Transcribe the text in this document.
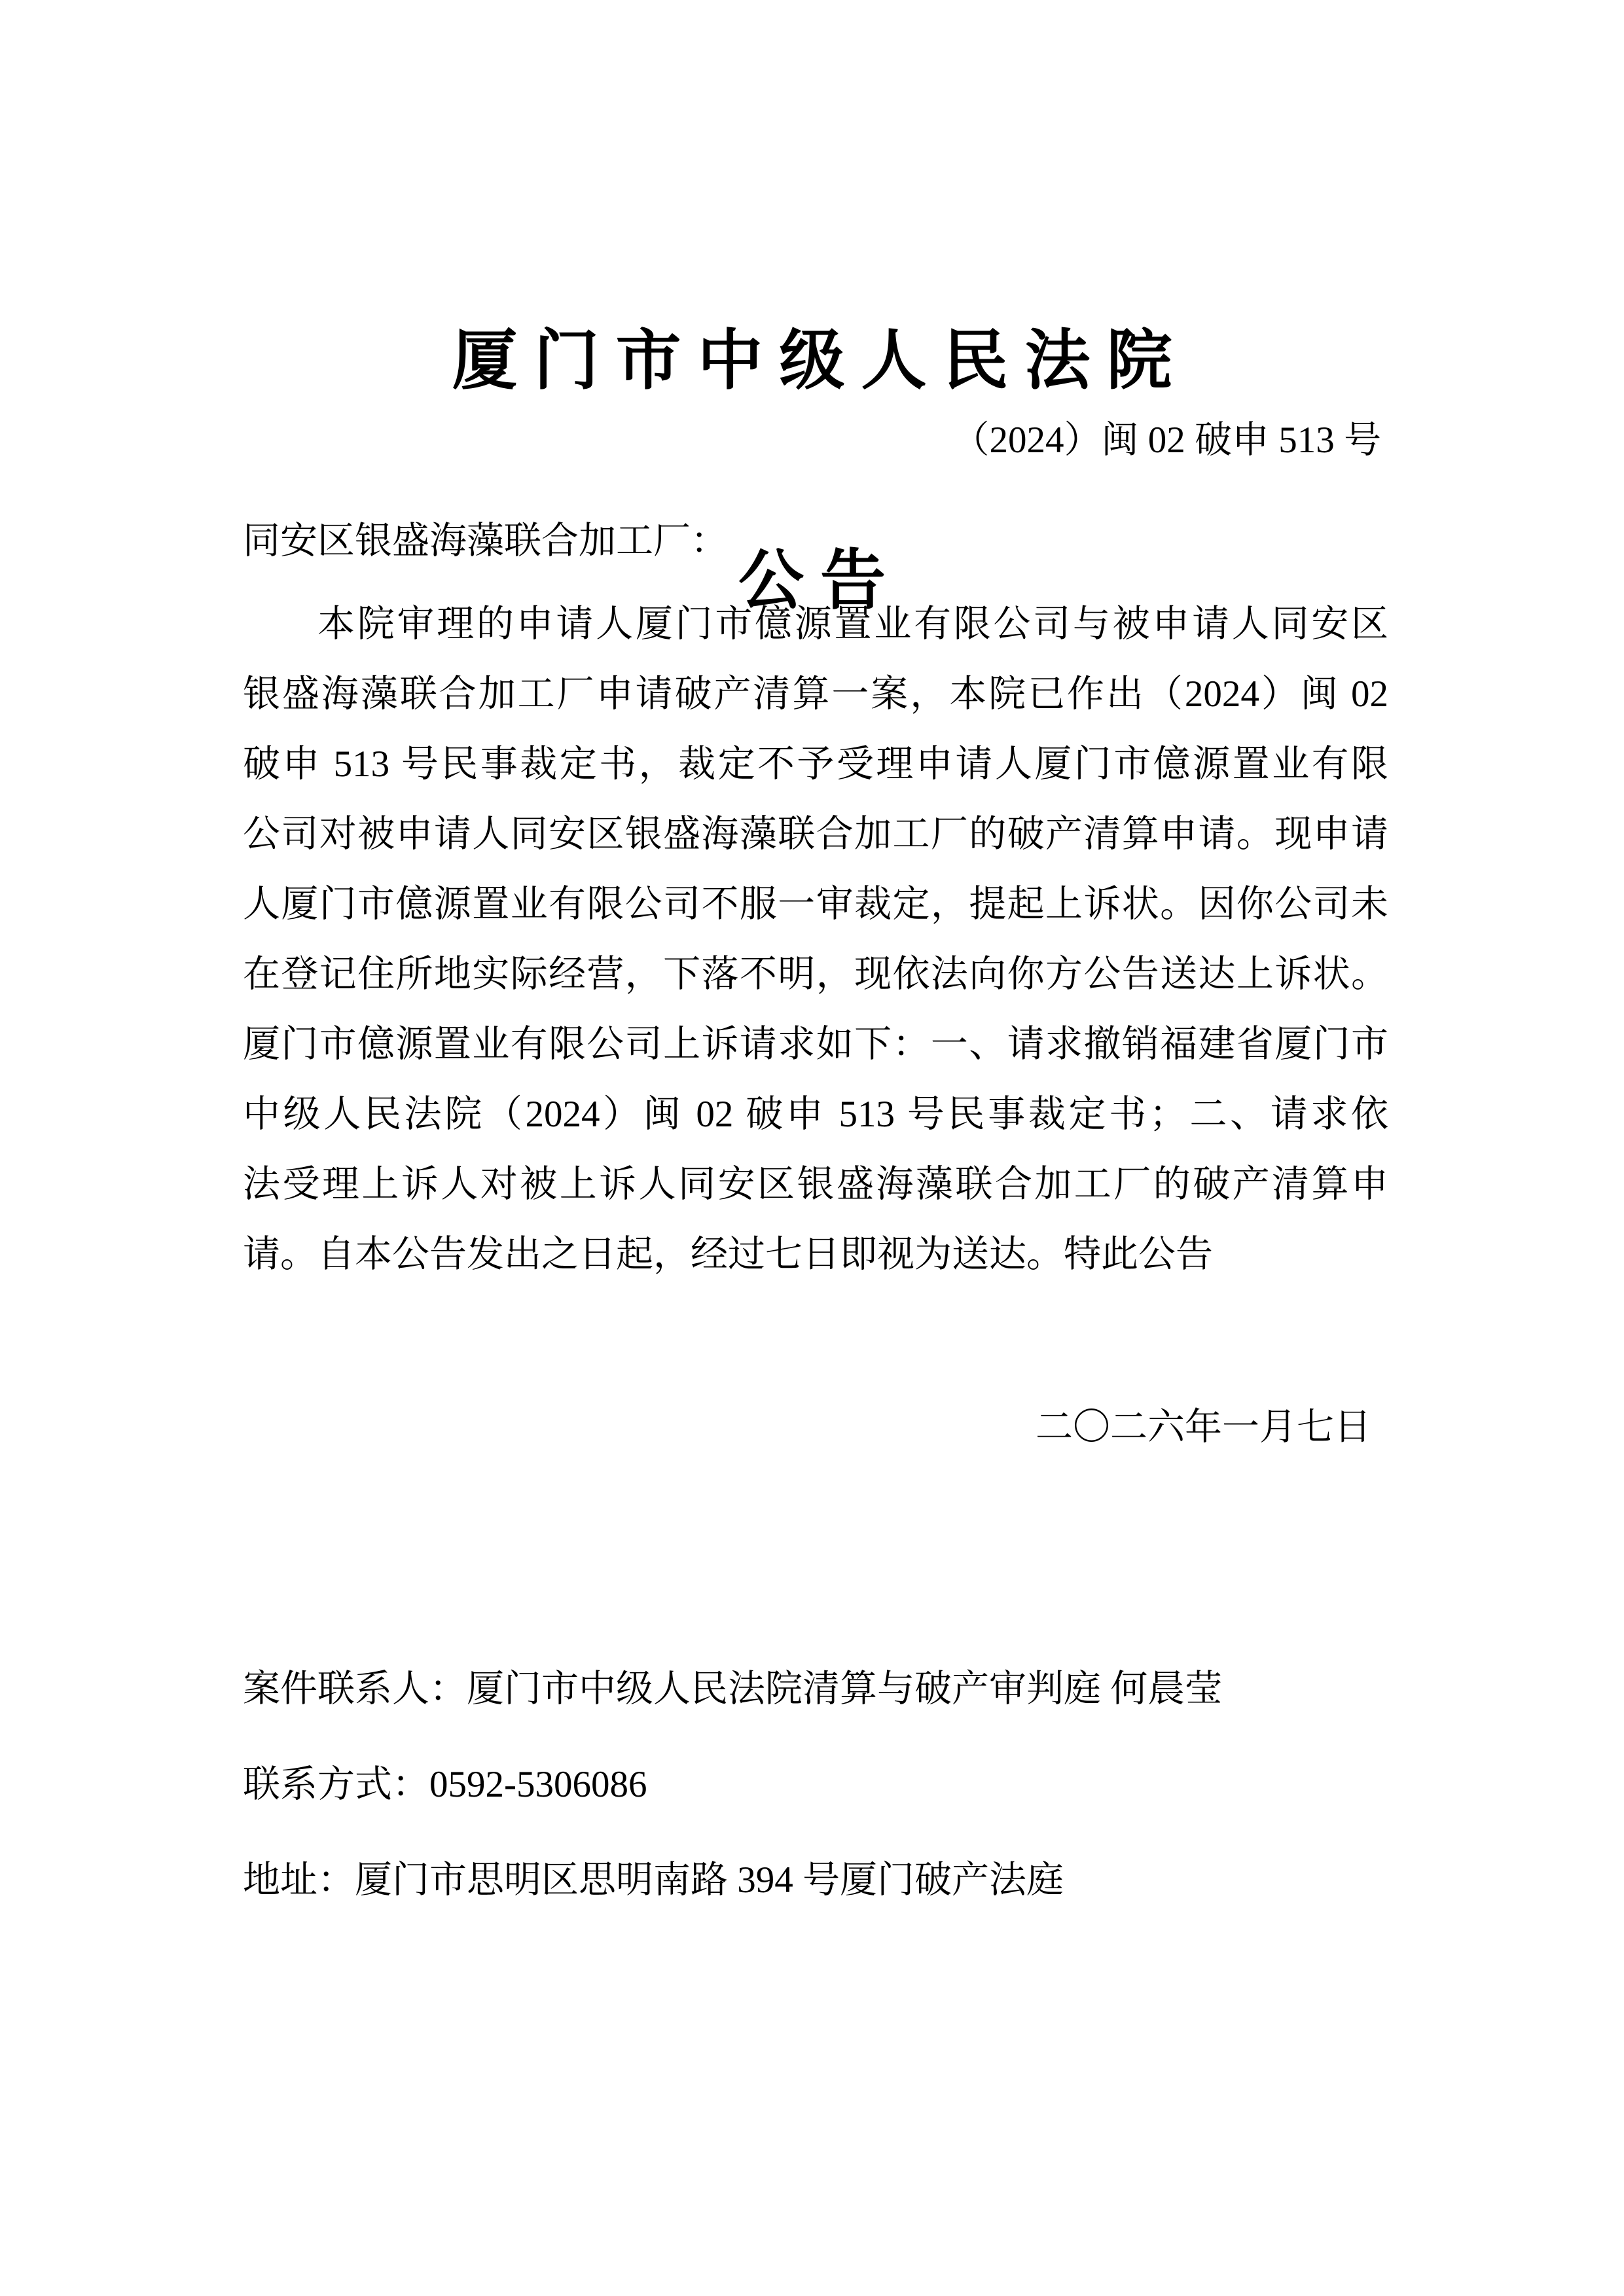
厦 门 市 中 级 人 民 法 院

公 告

（2024）闽 02 破申 513 号
同安区银盛海藻联合加工厂：
本院审理的申请人厦门市億源置业有限公司与被申请人同安区
银盛海藻联合加工厂申请破产清算一案，本院已作出（2024）闽 02
破申 513 号民事裁定书，裁定不予受理申请人厦门市億源置业有限
公司对被申请人同安区银盛海藻联合加工厂的破产清算申请。现申请
人厦门市億源置业有限公司不服一审裁定，提起上诉状。因你公司未
在登记住所地实际经营，下落不明，现依法向你方公告送达上诉状。
厦门市億源置业有限公司上诉请求如下：一、请求撤销福建省厦门市
中级人民法院（2024）闽 02 破申 513 号民事裁定书；二、请求依
法受理上诉人对被上诉人同安区银盛海藻联合加工厂的破产清算申
请。自本公告发出之日起，经过七日即视为送达。特此公告
二〇二六年一月七日

案件联系人：厦门市中级人民法院清算与破产审判庭 何晨莹

联系方式：0592-5306086

地址：厦门市思明区思明南路 394 号厦门破产法庭
